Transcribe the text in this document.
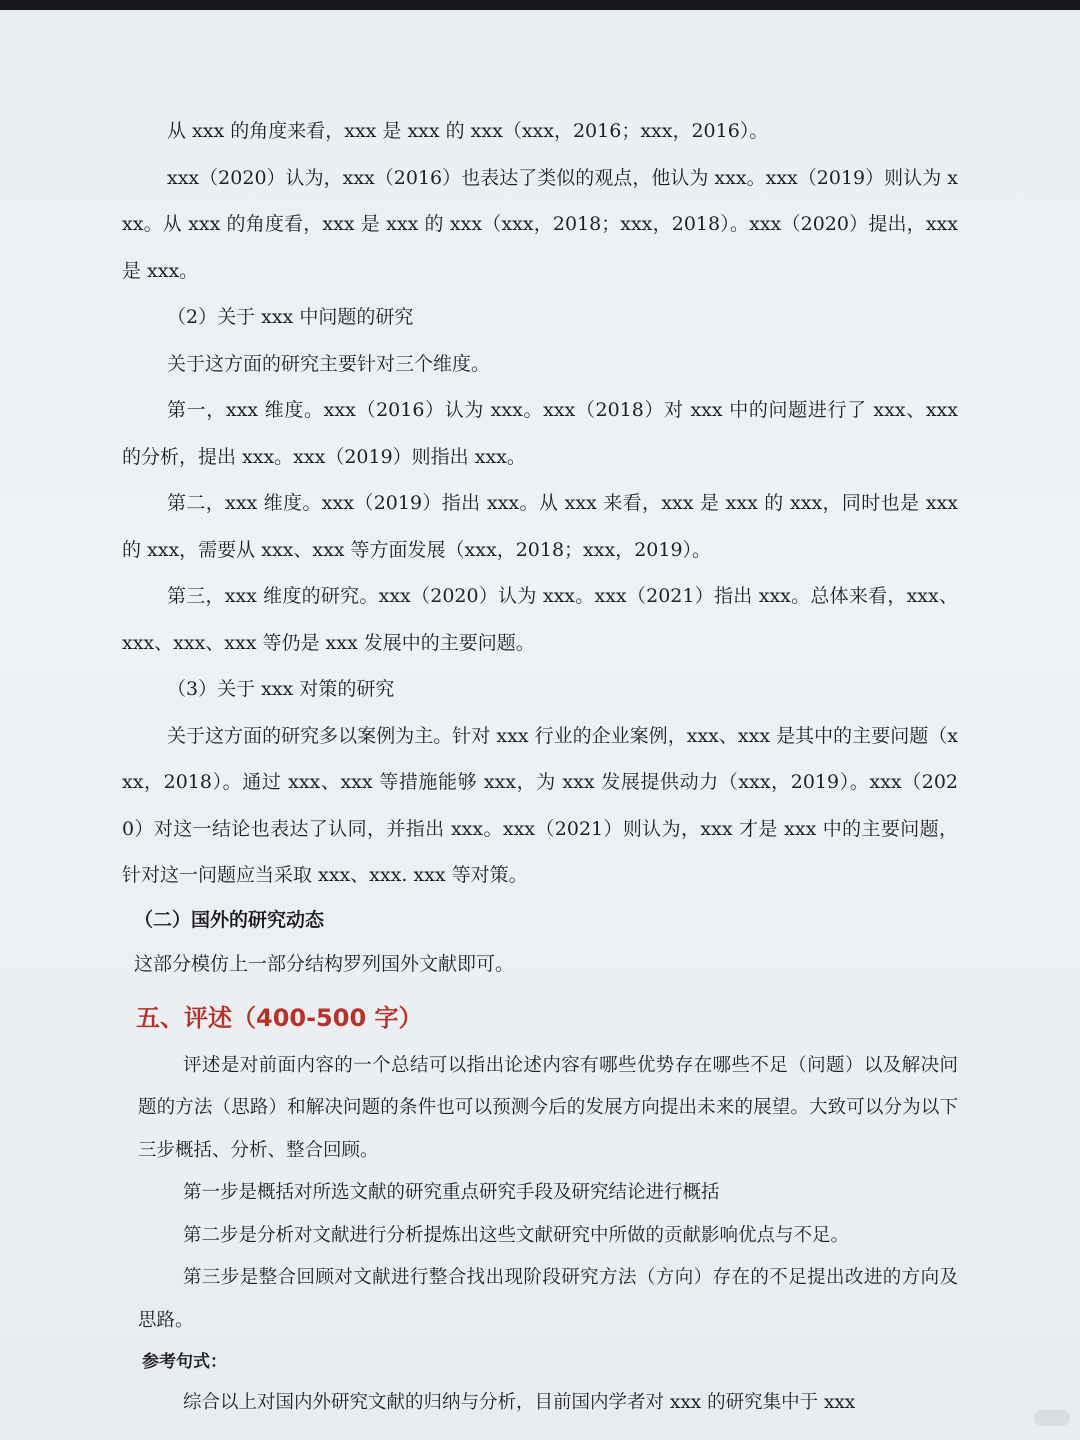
从 xxx 的角度来看，xxx 是 xxx 的 xxx（xxx，2016；xxx，2016）。

xxx（2020）认为，xxx（2016）也表达了类似的观点，他认为 xxx。xxx（2019）则认为 xxx。从 xxx 的角度看，xxx 是 xxx 的 xxx（xxx，2018；xxx，2018）。xxx（2020）提出，xxx 是 xxx。

（2）关于 xxx 中问题的研究

关于这方面的研究主要针对三个维度。

第一，xxx 维度。xxx（2016）认为 xxx。xxx（2018）对 xxx 中的问题进行了 xxx、xxx 的分析，提出 xxx。xxx（2019）则指出 xxx。

第二，xxx 维度。xxx（2019）指出 xxx。从 xxx 来看，xxx 是 xxx 的 xxx，同时也是 xxx 的 xxx，需要从 xxx、xxx 等方面发展（xxx，2018；xxx，2019）。

第三，xxx 维度的研究。xxx（2020）认为 xxx。xxx（2021）指出 xxx。总体来看，xxx、xxx、xxx、xxx 等仍是 xxx 发展中的主要问题。

（3）关于 xxx 对策的研究

关于这方面的研究多以案例为主。针对 xxx 行业的企业案例，xxx、xxx 是其中的主要问题（xxx，2018）。通过 xxx、xxx 等措施能够 xxx，为 xxx 发展提供动力（xxx，2019）。xxx（2020）对这一结论也表达了认同，并指出 xxx。xxx（2021）则认为，xxx 才是 xxx 中的主要问题，针对这一问题应当采取 xxx、xxx. xxx 等对策。

（二）国外的研究动态

这部分模仿上一部分结构罗列国外文献即可。

五、评述（400-500 字）

评述是对前面内容的一个总结可以指出论述内容有哪些优势存在哪些不足（问题）以及解决问题的方法（思路）和解决问题的条件也可以预测今后的发展方向提出未来的展望。大致可以分为以下三步概括、分析、整合回顾。

第一步是概括对所选文献的研究重点研究手段及研究结论进行概括

第二步是分析对文献进行分析提炼出这些文献研究中所做的贡献影响优点与不足。

第三步是整合回顾对文献进行整合找出现阶段研究方法（方向）存在的不足提出改进的方向及思路。

参考句式：

综合以上对国内外研究文献的归纳与分析，目前国内学者对 xxx 的研究集中于 xxx
